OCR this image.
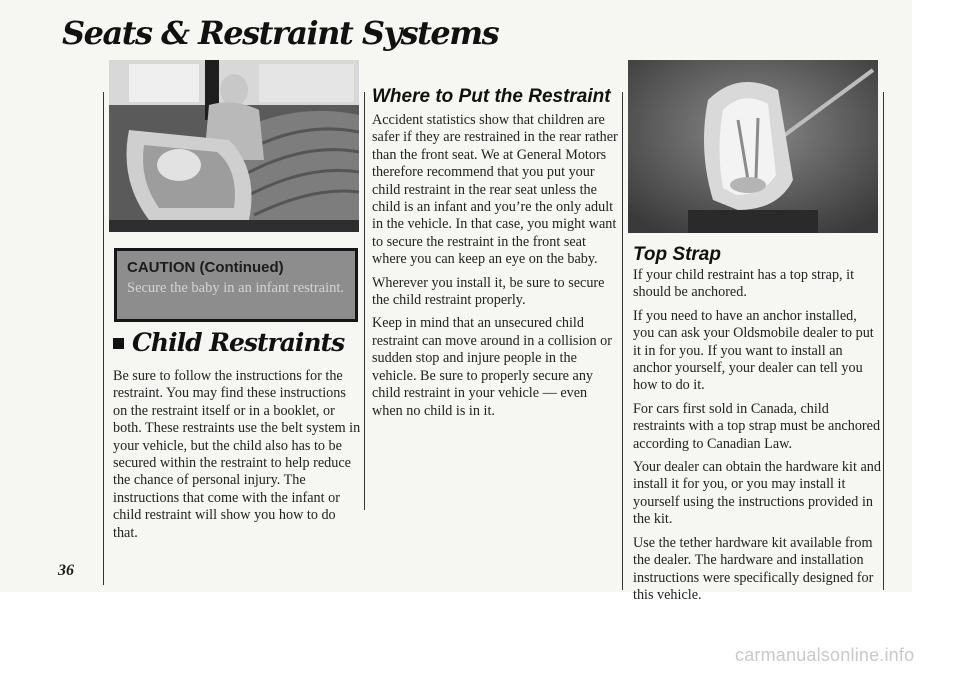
Seats & Restraint Systems
CAUTION (Continued)
Secure the baby in an infant restraint.
Child Restraints

Be sure to follow the instructions for the restraint. You may find these instructions on the restraint itself or in a booklet, or both. These restraints use the belt system in your vehicle, but the child also has to be secured within the restraint to help reduce the chance of personal injury. The instructions that come with the infant or child restraint will show you how to do that.

Where to Put the Restraint

Accident statistics show that children are safer if they are restrained in the rear rather than the front seat. We at General Motors therefore recommend that you put your child restraint in the rear seat unless the child is an infant and you’re the only adult in the vehicle. In that case, you might want to secure the restraint in the front seat where you can keep an eye on the baby.

Wherever you install it, be sure to secure the child restraint properly.

Keep in mind that an unsecured child restraint can move around in a collision or sudden stop and injure people in the vehicle. Be sure to properly secure any child restraint in your vehicle — even when no child is in it.

Top Strap

If your child restraint has a top strap, it should be anchored.

If you need to have an anchor installed, you can ask your Oldsmobile dealer to put it in for you. If you want to install an anchor yourself, your dealer can tell you how to do it.

For cars first sold in Canada, child restraints with a top strap must be anchored according to Canadian Law.

Your dealer can obtain the hardware kit and install it for you, or you may install it yourself using the instructions provided in the kit.

Use the tether hardware kit available from the dealer. The hardware and installation instructions were specifically designed for this vehicle.

36
carmanualsonline.info
